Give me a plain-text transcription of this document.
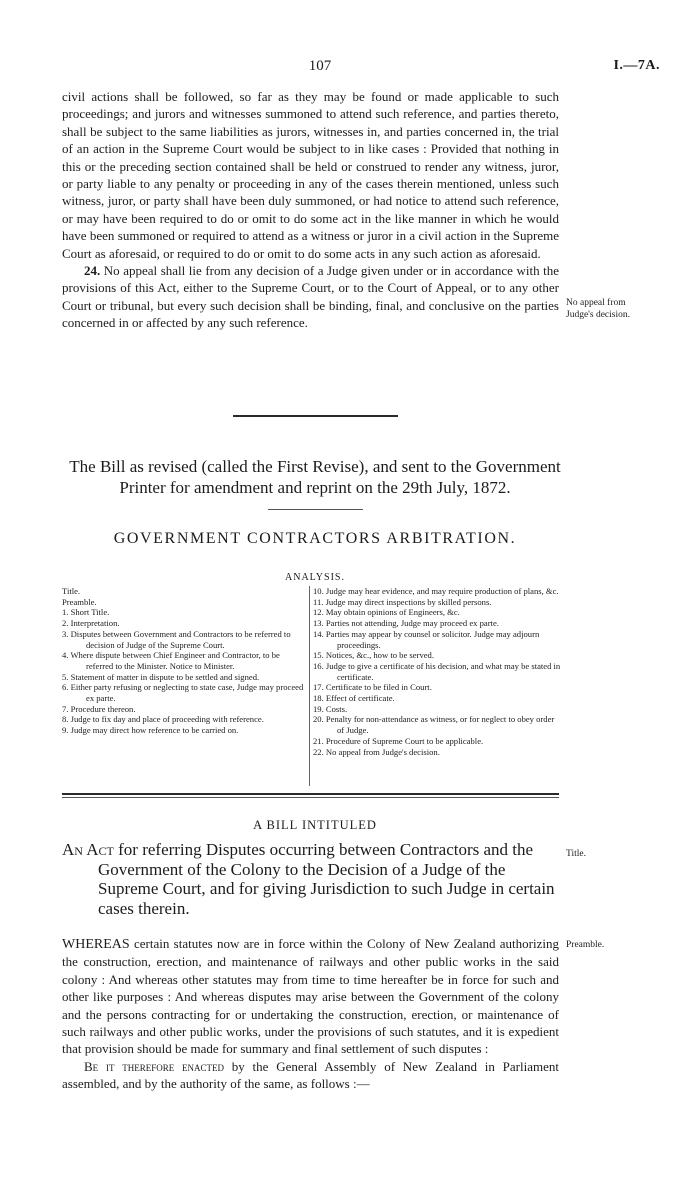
107	I.—7A.

civil actions shall be followed, so far as they may be found or made applicable to such proceedings; and jurors and witnesses summoned to attend such reference, and parties thereto, shall be subject to the same liabilities as jurors, witnesses in, and parties concerned in, the trial of an action in the Supreme Court would be subject to in like cases : Provided that nothing in this or the preceding section contained shall be held or construed to render any witness, juror, or party liable to any penalty or proceeding in any of the cases therein mentioned, unless such witness, juror, or party shall have been duly summoned, or had notice to attend such reference, or may have been required to do or omit to do some act in the like manner in which he would have been summoned or required to attend as a witness or juror in a civil action in the Supreme Court as aforesaid, or required to do or omit to do some acts in any such action as aforesaid.

24. No appeal shall lie from any decision of a Judge given under or in accordance with the provisions of this Act, either to the Supreme Court, or to the Court of Appeal, or to any other Court or tribunal, but every such decision shall be binding, final, and conclusive on the parties concerned in or affected by any such reference.

No appeal from Judge's decision.
The Bill as revised (called the First Revise), and sent to the Government Printer for amendment and reprint on the 29th July, 1872.
GOVERNMENT CONTRACTORS ARBITRATION.
ANALYSIS.
Title.
Preamble.
1. Short Title.
2. Interpretation.
3. Disputes between Government and Contractors to be referred to decision of Judge of the Supreme Court.
4. Where dispute between Chief Engineer and Contractor, to be referred to the Minister. Notice to Minister.
5. Statement of matter in dispute to be settled and signed.
6. Either party refusing or neglecting to state case, Judge may proceed ex parte.
7. Procedure thereon.
8. Judge to fix day and place of proceeding with reference.
9. Judge may direct how reference to be carried on.
10. Judge may hear evidence, and may require production of plans, &c.
11. Judge may direct inspections by skilled persons.
12. May obtain opinions of Engineers, &c.
13. Parties not attending, Judge may proceed ex parte.
14. Parties may appear by counsel or solicitor. Judge may adjourn proceedings.
15. Notices, &c., how to be served.
16. Judge to give a certificate of his decision, and what may be stated in certificate.
17. Certificate to be filed in Court.
18. Effect of certificate.
19. Costs.
20. Penalty for non-attendance as witness, or for neglect to obey order of Judge.
21. Procedure of Supreme Court to be applicable.
22. No appeal from Judge's decision.
A BILL INTITULED
An Act for referring Disputes occurring between Contractors and the Government of the Colony to the Decision of a Judge of the Supreme Court, and for giving Jurisdiction to such Judge in certain cases therein.
Title.

WHEREAS certain statutes now are in force within the Colony of New Zealand authorizing the construction, erection, and maintenance of railways and other public works in the said colony : And whereas other statutes may from time to time hereafter be in force for such and other like purposes : And whereas disputes may arise between the Government of the colony and the persons contracting for or undertaking the construction, erection, or maintenance of such railways and other public works, under the provisions of such statutes, and it is expedient that provision should be made for summary and final settlement of such disputes :

Be it therefore enacted by the General Assembly of New Zealand in Parliament assembled, and by the authority of the same, as follows :—

Preamble.
